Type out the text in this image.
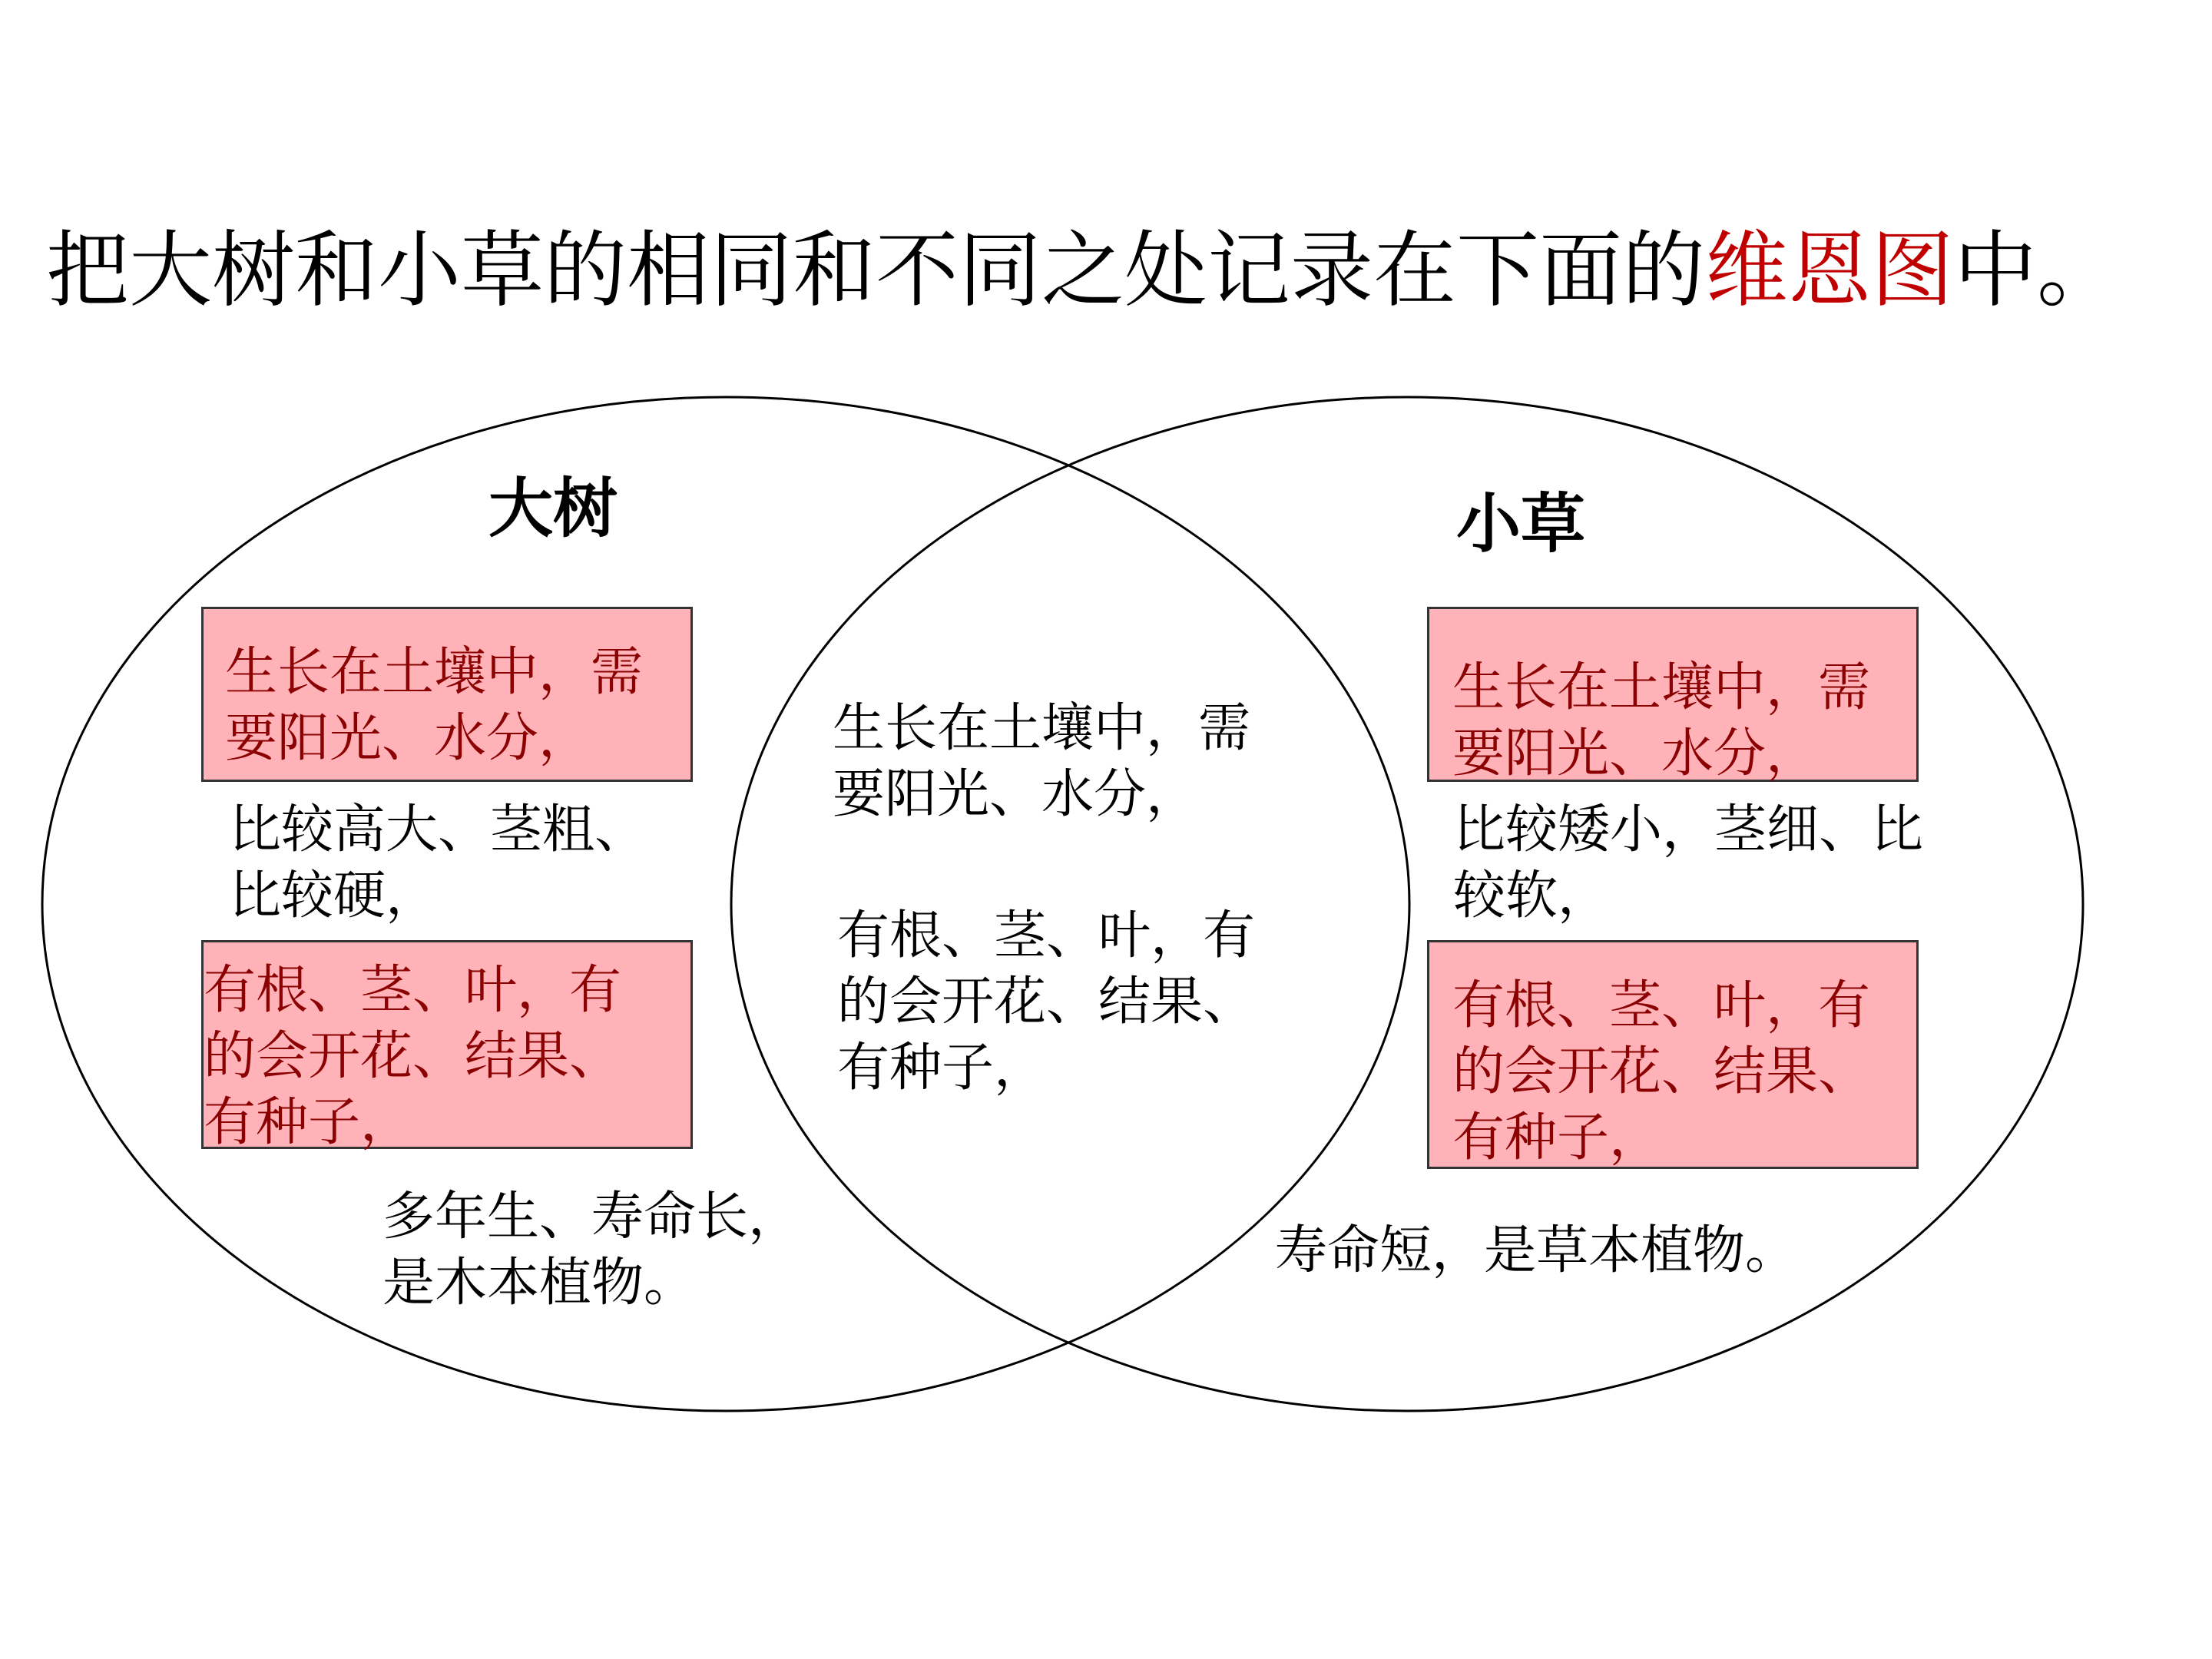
把大树和小草的相同和不同之处记录在下面的维恩图中。
大树
生长在土壤中，需
要阳光、水分，
比较高大、茎粗、
比较硬，
有根、茎、叶，有
的会开花、结果、
有种子，
多年生、寿命长，
是木本植物。
生长在土壤中，需
要阳光、水分，
有根、茎、叶，有
的会开花、结果、
有种子，
小草
生长在土壤中，需
要阳光、水分，
比较矮小，茎细、比
较软，
有根、茎、叶，有
的会开花、结果、
有种子，
寿命短，是草本植物。
